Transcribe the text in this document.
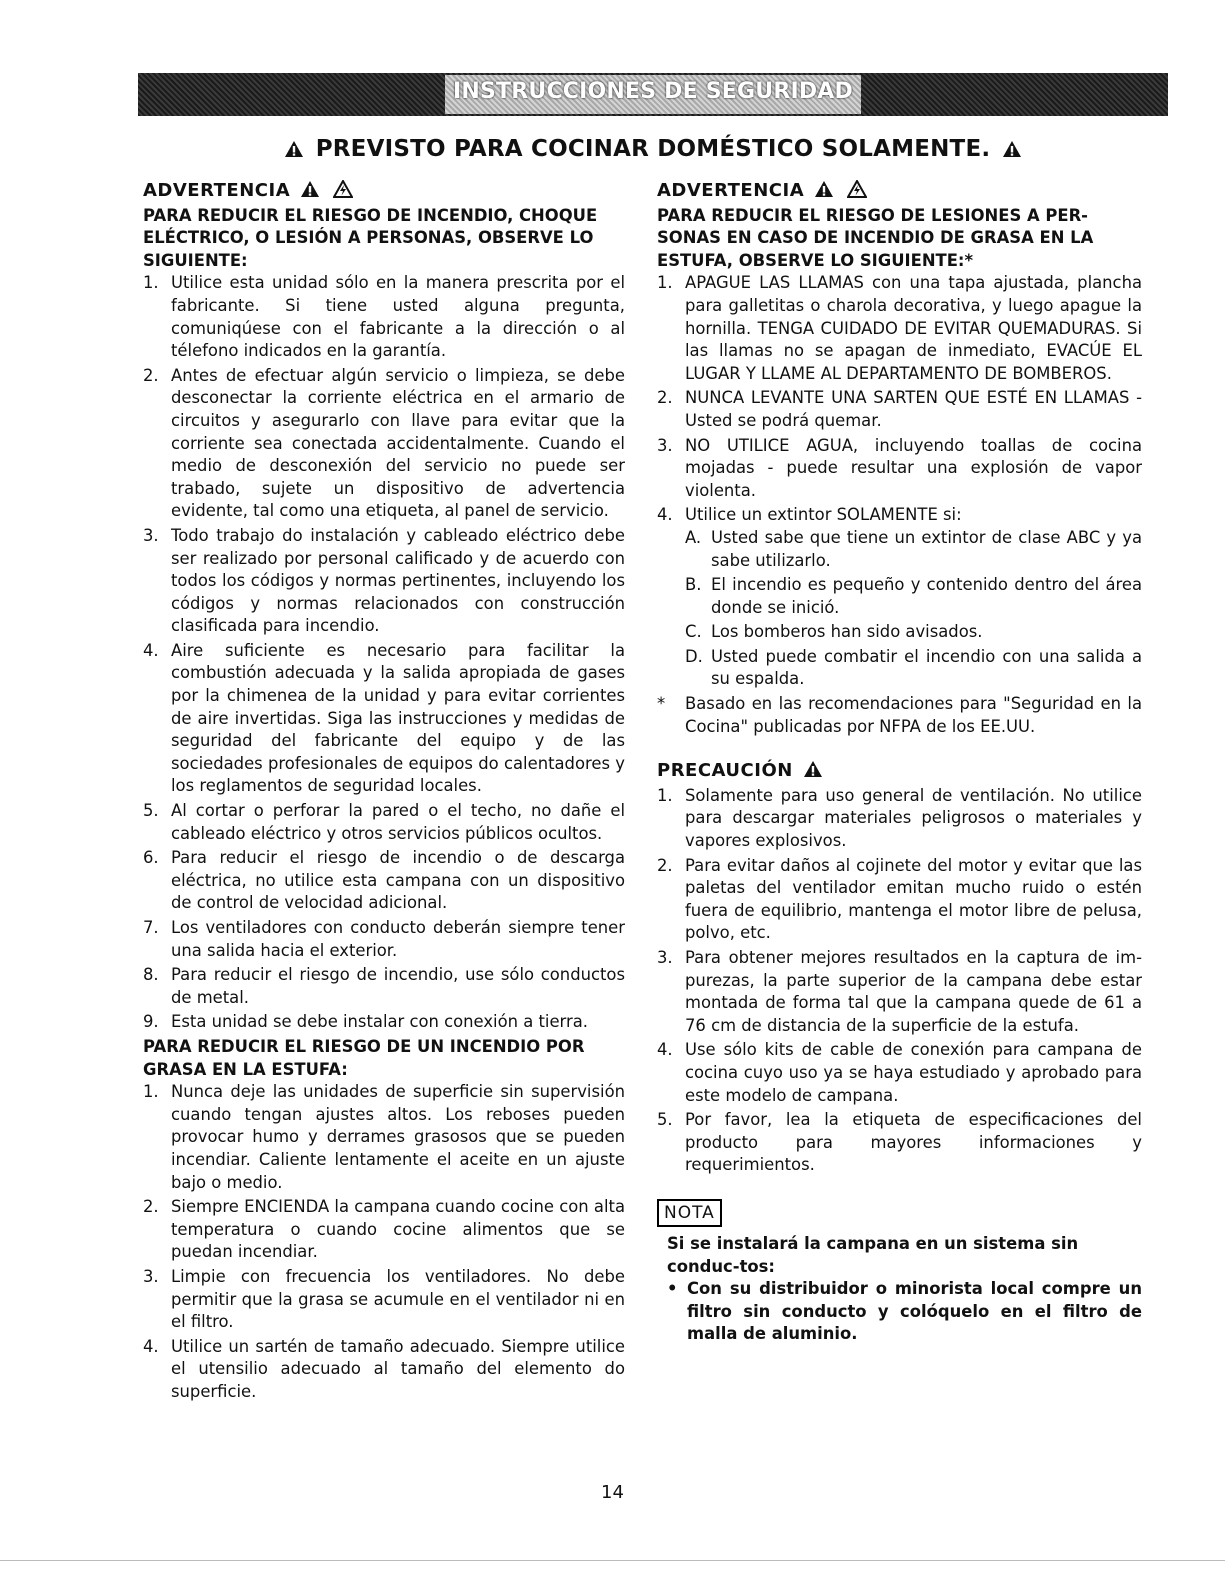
INSTRUCCIONES DE SEGURIDAD
PREVISTO PARA COCINAR DOMÉSTICO SOLAMENTE.
ADVERTENCIA

PARA REDUCIR EL RIESGO DE INCENDIO, CHOQUE ELÉCTRICO, O LESIÓN A PERSONAS, OBSERVE LO SIGUIENTE:
1. Utilice esta unidad sólo en la manera prescrita por el fabricante. Si tiene usted alguna pregunta, comuniqúese con el fabricante a la dirección o al télefono indicados en la garantía.
2. Antes de efectuar algún servicio o limpieza, se debe desconectar la corriente eléctrica en el armario de circuitos y asegurarlo con llave para evitar que la corriente sea conectada accidentalmente. Cuando el medio de desconexión del servicio no puede ser trabado, sujete un dispositivo de advertencia evidente, tal como una etiqueta, al panel de servicio.
3. Todo trabajo do instalación y cableado eléctrico debe ser realizado por personal calificado y de acuerdo con todos los códigos y normas pertinentes, incluyendo los códigos y normas relacionados con construcción clasificada para incendio.
4. Aire suficiente es necesario para facilitar la combustión adecuada y la salida apropiada de gases por la chimenea de la unidad y para evitar corrientes de aire invertidas. Siga las instrucciones y medidas de seguridad del fabricante del equipo y de las sociedades profesionales de equipos do calentadores y los reglamentos de seguridad locales.
5. Al cortar o perforar la pared o el techo, no dañe el cableado eléctrico y otros servicios públicos ocultos.
6. Para reducir el riesgo de incendio o de descarga eléctrica, no utilice esta campana con un dispositivo de control de velocidad adicional.
7. Los ventiladores con conducto deberán siempre tener una salida hacia el exterior.
8. Para reducir el riesgo de incendio, use sólo conductos de metal.
9. Esta unidad se debe instalar con conexión a tierra.
PARA REDUCIR EL RIESGO DE UN INCENDIO POR GRASA EN LA ESTUFA:
1. Nunca deje las unidades de superficie sin supervisión cuando tengan ajustes altos. Los reboses pueden provocar humo y derrames grasosos que se pueden incendiar. Caliente lentamente el aceite en un ajuste bajo o medio.
2. Siempre ENCIENDA la campana cuando cocine con alta temperatura o cuando cocine alimentos que se puedan incendiar.
3. Limpie con frecuencia los ventiladores. No debe permitir que la grasa se acumule en el ventilador ni en el filtro.
4. Utilice un sartén de tamaño adecuado. Siempre utilice el utensilio adecuado al tamaño del elemento do superficie.
ADVERTENCIA

PARA REDUCIR EL RIESGO DE LESIONES A PER-SONAS EN CASO DE INCENDIO DE GRASA EN LA ESTUFA, OBSERVE LO SIGUIENTE:*
1. APAGUE LAS LLAMAS con una tapa ajustada, plancha para galletitas o charola decorativa, y luego apague la hornilla. TENGA CUIDADO DE EVITAR QUEMADURAS. Si las llamas no se apagan de inmediato, EVACÚE EL LUGAR Y LLAME AL DEPARTAMENTO DE BOMBEROS.
2. NUNCA LEVANTE UNA SARTEN QUE ESTÉ EN LLAMAS - Usted se podrá quemar.
3. NO UTILICE AGUA, incluyendo toallas de cocina mojadas - puede resultar una explosión de vapor violenta.
4. Utilice un extintor SOLAMENTE si:
A. Usted sabe que tiene un extintor de clase ABC y ya sabe utilizarlo.
B. El incendio es pequeño y contenido dentro del área donde se inició.
C. Los bomberos han sido avisados.
D. Usted puede combatir el incendio con una salida a su espalda.
* Basado en las recomendaciones para "Seguridad en la Cocina" publicadas por NFPA de los EE.UU.
PRECAUCIÓN
1. Solamente para uso general de ventilación. No utilice para descargar materiales peligrosos o materiales y vapores explosivos.
2. Para evitar daños al cojinete del motor y evitar que las paletas del ventilador emitan mucho ruido o estén fuera de equilibrio, mantenga el motor libre de pelusa, polvo, etc.
3. Para obtener mejores resultados en la captura de im-purezas, la parte superior de la campana debe estar montada de forma tal que la campana quede de 61 a 76 cm de distancia de la superficie de la estufa.
4. Use sólo kits de cable de conexión para campana de cocina cuyo uso ya se haya estudiado y aprobado para este modelo de campana.
5. Por favor, lea la etiqueta de especificaciones del producto para mayores informaciones y requerimientos.
NOTA
Si se instalará la campana en un sistema sin conduc-tos:
• Con su distribuidor o minorista local compre un filtro sin conducto y colóquelo en el filtro de malla de aluminio.
14
